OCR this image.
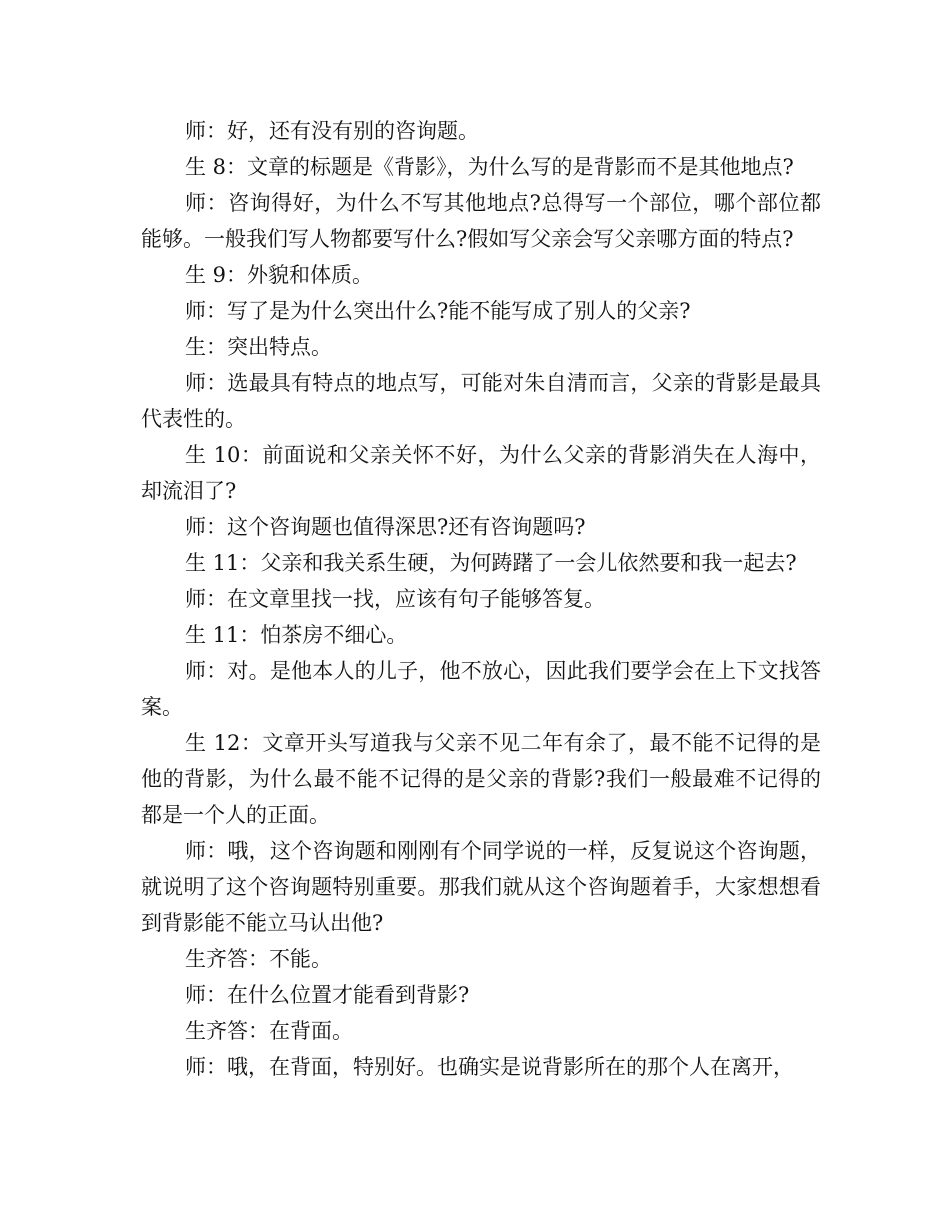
师：好，还有没有别的咨询题。

生 8：文章的标题是《背影》，为什么写的是背影而不是其他地点?

师：咨询得好，为什么不写其他地点?总得写一个部位，哪个部位都能够。一般我们写人物都要写什么?假如写父亲会写父亲哪方面的特点?

生 9：外貌和体质。

师：写了是为什么突出什么?能不能写成了别人的父亲?

生：突出特点。

师：选最具有特点的地点写，可能对朱自清而言，父亲的背影是最具代表性的。

生 10：前面说和父亲关怀不好，为什么父亲的背影消失在人海中，却流泪了?

师：这个咨询题也值得深思?还有咨询题吗?

生 11：父亲和我关系生硬，为何踌躇了一会儿依然要和我一起去?

师：在文章里找一找，应该有句子能够答复。

生 11：怕茶房不细心。

师：对。是他本人的儿子，他不放心，因此我们要学会在上下文找答案。

生 12：文章开头写道我与父亲不见二年有余了，最不能不记得的是他的背影，为什么最不能不记得的是父亲的背影?我们一般最难不记得的都是一个人的正面。

师：哦，这个咨询题和刚刚有个同学说的一样，反复说这个咨询题，就说明了这个咨询题特别重要。那我们就从这个咨询题着手，大家想想看到背影能不能立马认出他?

生齐答：不能。

师：在什么位置才能看到背影?

生齐答：在背面。

师：哦，在背面，特别好。也确实是说背影所在的那个人在离开，
